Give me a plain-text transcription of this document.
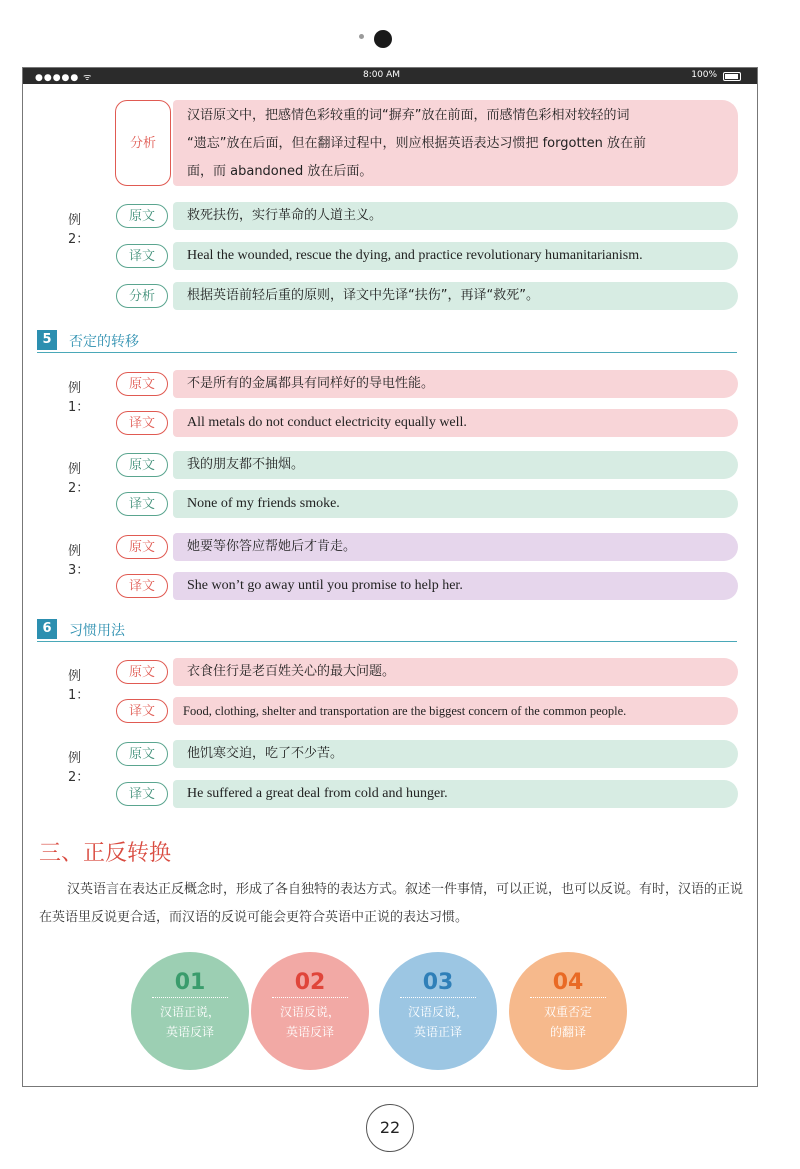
●●●●● ᯤ	8:00 AM	100%
分析
汉语原文中，把感情色彩较重的词“摒弃”放在前面，而感情色彩相对较轻的词
“遗忘”放在后面，但在翻译过程中，则应根据英语表达习惯把 forgotten 放在前
面，而 abandoned 放在后面。
例 2：
原文	救死扶伤，实行革命的人道主义。
译文	Heal the wounded, rescue the dying, and practice revolutionary humanitarianism.
分析	根据英语前轻后重的原则，译文中先译“扶伤”，再译“救死”。
5	否定的转移
例 1：
原文	不是所有的金属都具有同样好的导电性能。
译文	All metals do not conduct electricity equally well.
例 2：
原文	我的朋友都不抽烟。
译文	None of my friends smoke.
例 3：
原文	她要等你答应帮她后才肯走。
译文	She won’t go away until you promise to help her.
6	习惯用法
例 1：
原文	衣食住行是老百姓关心的最大问题。
译文	Food, clothing, shelter and transportation are the biggest concern of the common people.
例 2：
原文	他饥寒交迫，吃了不少苦。
译文	He suffered a great deal from cold and hunger.
三、正反转换
汉英语言在表达正反概念时，形成了各自独特的表达方式。叙述一件事情，可以正说，也可以反说。有时，汉语的正说在英语里反说更合适，而汉语的反说可能会更符合英语中正说的表达习惯。
01
汉语正说，
英语反译
02
汉语反说，
英语反译
03
汉语反说，
英语正译
04
双重否定
的翻译
22
